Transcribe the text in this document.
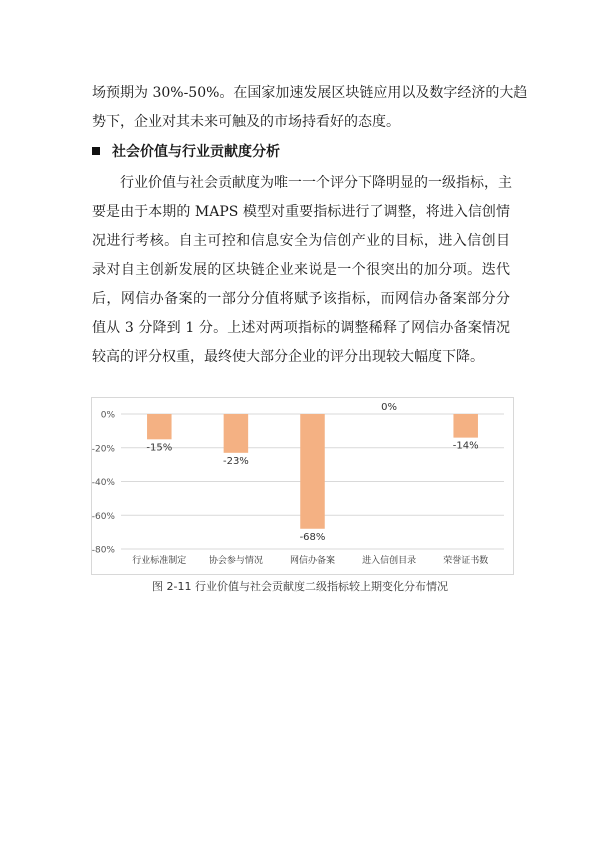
场预期为 30%-50%。在国家加速发展区块链应用以及数字经济的大趋
势下，企业对其未来可触及的市场持看好的态度。
社会价值与行业贡献度分析
行业价值与社会贡献度为唯一一个评分下降明显的一级指标，主
要是由于本期的 MAPS 模型对重要指标进行了调整，将进入信创情
况进行考核。自主可控和信息安全为信创产业的目标，进入信创目
录对自主创新发展的区块链企业来说是一个很突出的加分项。迭代
后，网信办备案的一部分分值将赋予该指标，而网信办备案部分分
值从 3 分降到 1 分。上述对两项指标的调整稀释了网信办备案情况
较高的评分权重，最终使大部分企业的评分出现较大幅度下降。
0%
-20%
-40%
-60%
-80%
-15%
行业标准制定
-23%
协会参与情况
-68%
网信办备案
0%
进入信创目录
-14%
荣誉证书数
图 2-11 行业价值与社会贡献度二级指标较上期变化分布情况
